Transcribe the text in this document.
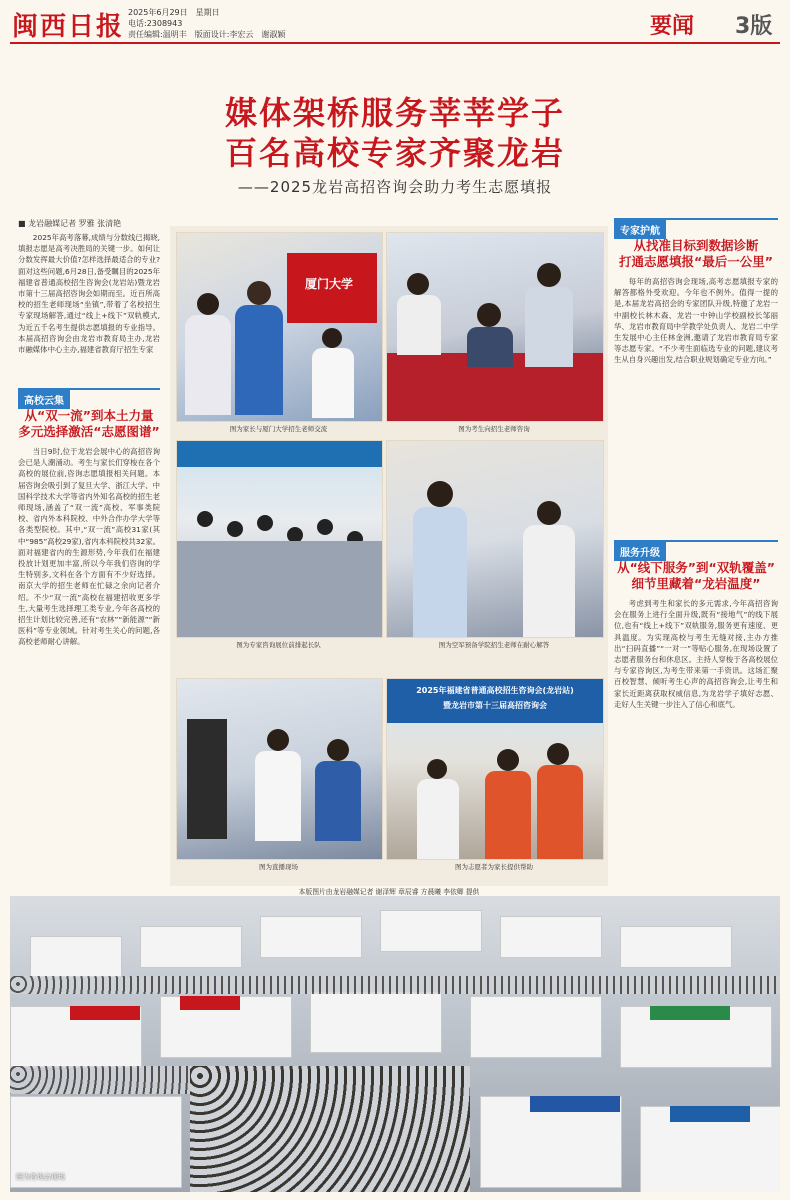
闽西日报 2025年6月29日　星期日
电话:2308943
责任编辑:温明丰　版面设计:李宏云　谢淑颖	要闻 3版
媒体架桥服务莘莘学子
百名高校专家齐聚龙岩
——2025龙岩高招咨询会助力考生志愿填报
■ 龙岩融媒记者 罗雅 张清艳
2025年高考落幕,成绩与分数线已揭晓,填报志愿是高考决胜局的关键一步。如何让分数发挥最大价值?怎样选择最适合的专业?面对这些问题,6月28日,备受瞩目的2025年福建省普通高校招生咨询会(龙岩站)暨龙岩市第十三届高招咨询会如期而至。近百所高校的招生老师现场“坐镇”,带着了名校招生专家现场解答,通过“线上+线下”双轨模式,为近五千名考生提供志愿填报的专业指导。本届高招咨询会由龙岩市教育局主办,龙岩市融媒体中心主办,福建省教育厅招生专家
高校云集
从“双一流”到本土力量
多元选择激活“志愿图谱”
当日9时,位于龙岩会展中心的高招咨询会已是人潮涌动。考生与家长们穿梭在各个高校的展位前,咨询志愿填报相关问题。本届咨询会吸引到了复旦大学、浙江大学、中国科学技术大学等省内外知名高校的招生老师现场,涵盖了“双一流”高校、军事类院校、省内外本科院校、中外合作办学大学等各类型院校。其中,“双一流”高校31家(其中“985”高校29家),省内本科院校共32家。面对福建省内的生源形势,今年我们在福建投放计划更加丰富,所以今年我们咨询的学生特别多,文科在各个方面有不少好选择。南京大学的招生老师在忙碌之余向记者介绍。不少“双一流”高校在福建招收更多学生,大量考生选择理工类专业,今年各高校的招生计划比较完善,还有“农林”“新能源”“新医科”等专业领域。针对考生关心的问题,各高校老师耐心讲解。
厦门大学
图为家长与厦门大学招生老师交流	图为考生向招生老师咨询
图为专家咨询展位前排起长队	图为空军预备学院招生老师在耐心解答
图为直播现场
2025年福建省普通高校招生咨询会(龙岩站)
暨龙岩市第十三届高招咨询会
图为志愿者为家长提供帮助
本版图片由龙岩融媒记者 谢泽辉 章辰睿 方晨曦 李依卿 提供
专家护航
从找准目标到数据诊断
打通志愿填报“最后一公里”
每年的高招咨询会现场,高考志愿填报专家的解答都格外受欢迎。今年也不例外。值得一提的是,本届龙岩高招会的专家团队升级,特邀了龙岩一中副校长林木森、龙岩一中钟山学校副校长邹丽华、龙岩市教育局中学教学处负责人、龙岩二中学生发展中心主任林金洲,邀请了龙岩市教育局专家等志愿专家。“不少考生面临选专业的问题,建议考生从自身兴趣出发,结合职业规划确定专业方向。”
服务升级
从“线下服务”到“双轨覆盖”
细节里藏着“龙岩温度”
考虑到考生和家长的多元需求,今年高招咨询会在服务上进行全面升级,既有“接地气”的线下展位,也有“线上+线下”双轨服务,服务更有速度、更具温度。为实现高校与考生无缝对接,主办方推出“扫码直播”“一对一”等贴心服务,在现场设置了志愿者服务台和休息区。主持人穿梭于各高校展位与专家咨询区,为考生带来第一手资讯。这场汇聚百校智慧、倾听考生心声的高招咨询会,让考生和家长近距离获取权威信息,为龙岩学子填好志愿、走好人生关键一步注入了信心和底气。
图为咨询会现场
